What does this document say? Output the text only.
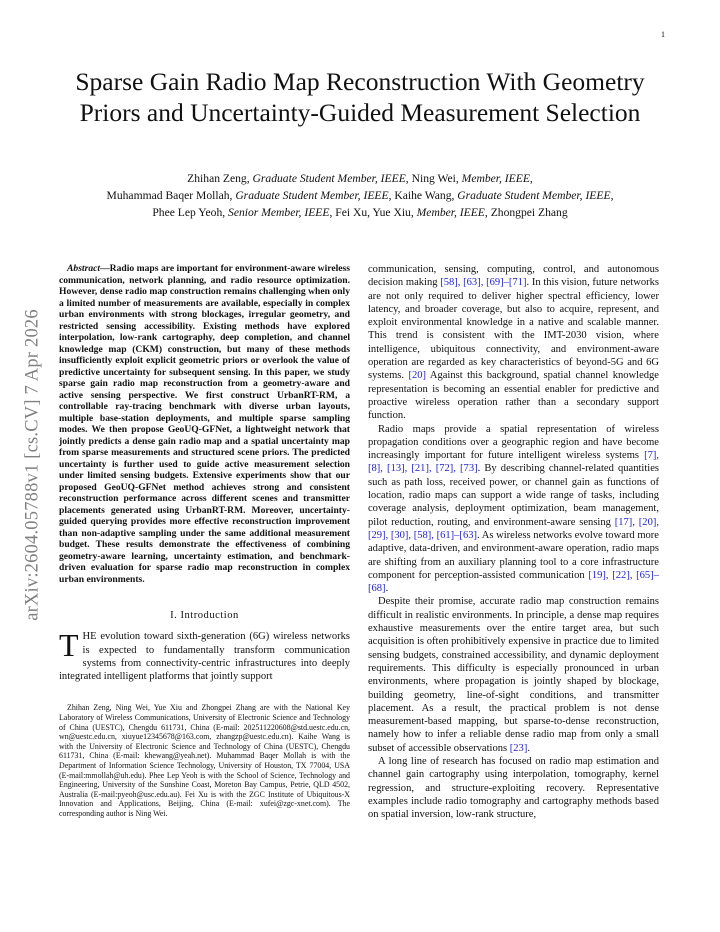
1
arXiv:2604.05788v1 [cs.CV] 7 Apr 2026
Sparse Gain Radio Map Reconstruction With Geometry Priors and Uncertainty-Guided Measurement Selection
Zhihan Zeng, Graduate Student Member, IEEE, Ning Wei, Member, IEEE,
Muhammad Baqer Mollah, Graduate Student Member, IEEE, Kaihe Wang, Graduate Student Member, IEEE,
Phee Lep Yeoh, Senior Member, IEEE, Fei Xu, Yue Xiu, Member, IEEE, Zhongpei Zhang

Abstract—Radio maps are important for environment-aware wireless communication, network planning, and radio resource optimization. However, dense radio map construction remains challenging when only a limited number of measurements are available, especially in complex urban environments with strong blockages, irregular geometry, and restricted sensing accessibility. Existing methods have explored interpolation, low-rank cartography, deep completion, and channel knowledge map (CKM) construction, but many of these methods insufficiently exploit explicit geometric priors or overlook the value of predictive uncertainty for subsequent sensing. In this paper, we study sparse gain radio map reconstruction from a geometry-aware and active sensing perspective. We first construct UrbanRT-RM, a controllable ray-tracing benchmark with diverse urban layouts, multiple base-station deployments, and multiple sparse sampling modes. We then propose GeoUQ-GFNet, a lightweight network that jointly predicts a dense gain radio map and a spatial uncertainty map from sparse measurements and structured scene priors. The predicted uncertainty is further used to guide active measurement selection under limited sensing budgets. Extensive experiments show that our proposed GeoUQ-GFNet method achieves strong and consistent reconstruction performance across different scenes and transmitter placements generated using UrbanRT-RM. Moreover, uncertainty-guided querying provides more effective reconstruction improvement than non-adaptive sampling under the same additional measurement budget. These results demonstrate the effectiveness of combining geometry-aware learning, uncertainty estimation, and benchmark-driven evaluation for sparse radio map reconstruction in complex urban environments.

I. Introduction

THE evolution toward sixth-generation (6G) wireless networks is expected to fundamentally transform communication systems from connectivity-centric infrastructures into deeply integrated intelligent platforms that jointly support

Zhihan Zeng, Ning Wei, Yue Xiu and Zhongpei Zhang are with the National Key Laboratory of Wireless Communications, University of Electronic Science and Technology of China (UESTC), Chengdu 611731, China (E-mail: 202511220608@std.uestc.edu.cn, wn@uestc.edu.cn, xiuyue12345678@163.com, zhangzp@uestc.edu.cn). Kaihe Wang is with the University of Electronic Science and Technology of China (UESTC), Chengdu 611731, China (E-mail: khewang@yeah.net). Muhammad Baqer Mollah is with the Department of Information Science Technology, University of Houston, TX 77004, USA (E-mail:mmollah@uh.edu). Phee Lep Yeoh is with the School of Science, Technology and Engineering, University of the Sunshine Coast, Moreton Bay Campus, Petrie, QLD 4502, Australia (E-mail:pyeoh@usc.edu.au). Fei Xu is with the ZGC Institute of Ubiquitous-X Innovation and Applications, Beijing, China (E-mail: xufei@zgc-xnet.com). The corresponding author is Ning Wei.

communication, sensing, computing, control, and autonomous decision making [58], [63], [69]–[71]. In this vision, future networks are not only required to deliver higher spectral efficiency, lower latency, and broader coverage, but also to acquire, represent, and exploit environmental knowledge in a native and scalable manner. This trend is consistent with the IMT-2030 vision, where intelligence, ubiquitous connectivity, and environment-aware operation are regarded as key characteristics of beyond-5G and 6G systems. [20] Against this background, spatial channel knowledge representation is becoming an essential enabler for predictive and proactive wireless operation rather than a secondary support function.

Radio maps provide a spatial representation of wireless propagation conditions over a geographic region and have become increasingly important for future intelligent wireless systems [7], [8], [13], [21], [72], [73]. By describing channel-related quantities such as path loss, received power, or channel gain as functions of location, radio maps can support a wide range of tasks, including coverage analysis, deployment optimization, beam management, pilot reduction, routing, and environment-aware sensing [17], [20], [29], [30], [58], [61]–[63]. As wireless networks evolve toward more adaptive, data-driven, and environment-aware operation, radio maps are shifting from an auxiliary planning tool to a core infrastructure component for perception-assisted communication [19], [22], [65]–[68].

Despite their promise, accurate radio map construction remains difficult in realistic environments. In principle, a dense map requires exhaustive measurements over the entire target area, but such acquisition is often prohibitively expensive in practice due to limited sensing budgets, constrained accessibility, and dynamic deployment requirements. This difficulty is especially pronounced in urban environments, where propagation is jointly shaped by blockage, building geometry, line-of-sight conditions, and transmitter placement. As a result, the practical problem is not dense measurement-based mapping, but sparse-to-dense reconstruction, namely how to infer a reliable dense radio map from only a small subset of accessible observations [23].

A long line of research has focused on radio map estimation and channel gain cartography using interpolation, tomography, kernel regression, and structure-exploiting recovery. Representative examples include radio tomography and cartography methods based on spatial inversion, low-rank structure,
